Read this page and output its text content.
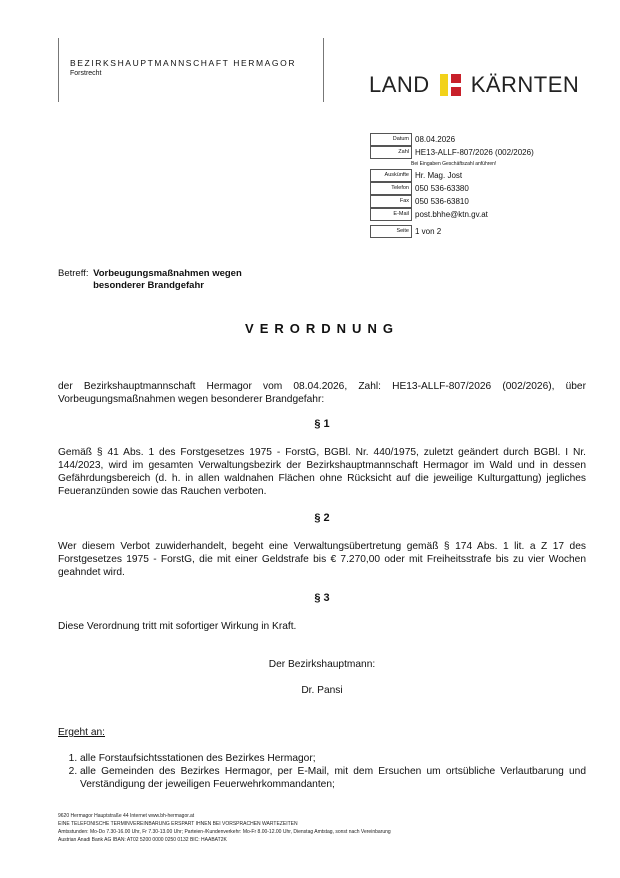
BEZIRKSHAUPTMANNSCHAFT HERMAGOR
Forstrecht	LAND KÄRNTEN
Datum 08.04.2026
Zahl HE13-ALLF-807/2026 (002/2026)
Bei Eingaben Geschäftszahl anführen!
Auskünfte Hr. Mag. Jost
Telefon 050 536-63380
Fax 050 536-63810
E-Mail post.bhhe@ktn.gv.at
Seite 1 von 2
Betreff: Vorbeugungsmaßnahmen wegen
besonderer Brandgefahr
VERORDNUNG
der Bezirkshauptmannschaft Hermagor vom 08.04.2026, Zahl: HE13-ALLF-807/2026 (002/2026), über Vorbeugungsmaßnahmen wegen besonderer Brandgefahr:
§ 1
Gemäß § 41 Abs. 1 des Forstgesetzes 1975 - ForstG, BGBl. Nr. 440/1975, zuletzt geändert durch BGBl. I Nr. 144/2023, wird im gesamten Verwaltungsbezirk der Bezirkshauptmannschaft Hermagor im Wald und in dessen Gefährdungsbereich (d. h. in allen waldnahen Flächen ohne Rücksicht auf die jeweilige Kulturgattung) jegliches Feueranzünden sowie das Rauchen verboten.
§ 2
Wer diesem Verbot zuwiderhandelt, begeht eine Verwaltungsübertretung gemäß § 174 Abs. 1 lit. a Z 17 des Forstgesetzes 1975 - ForstG, die mit einer Geldstrafe bis € 7.270,00 oder mit Freiheitsstrafe bis zu vier Wochen geahndet wird.
§ 3
Diese Verordnung tritt mit sofortiger Wirkung in Kraft.
Der Bezirkshauptmann:
Dr. Pansi
Ergeht an:
1. alle Forstaufsichtsstationen des Bezirkes Hermagor;
2. alle Gemeinden des Bezirkes Hermagor, per E-Mail, mit dem Ersuchen um ortsübliche Verlautbarung und Verständigung der jeweiligen Feuerwehrkommandanten;
9620 Hermagor Hauptstraße 44 Internet www.bh-hermagor.at
EINE TELEFONISCHE TERMINVEREINBARUNG ERSPART IHNEN BEI VORSPRACHEN WARTEZEITEN
Amtsstunden: Mo-Do 7.30-16.00 Uhr, Fr 7.30-13.00 Uhr; Parteien-/Kundenverkehr: Mo-Fr 8.00-12.00 Uhr, Dienstag Amtstag, sonst nach Vereinbarung
Austrian Anadi Bank AG IBAN: AT02 5200 0000 0250 0132 BIC: HAABAT2K
